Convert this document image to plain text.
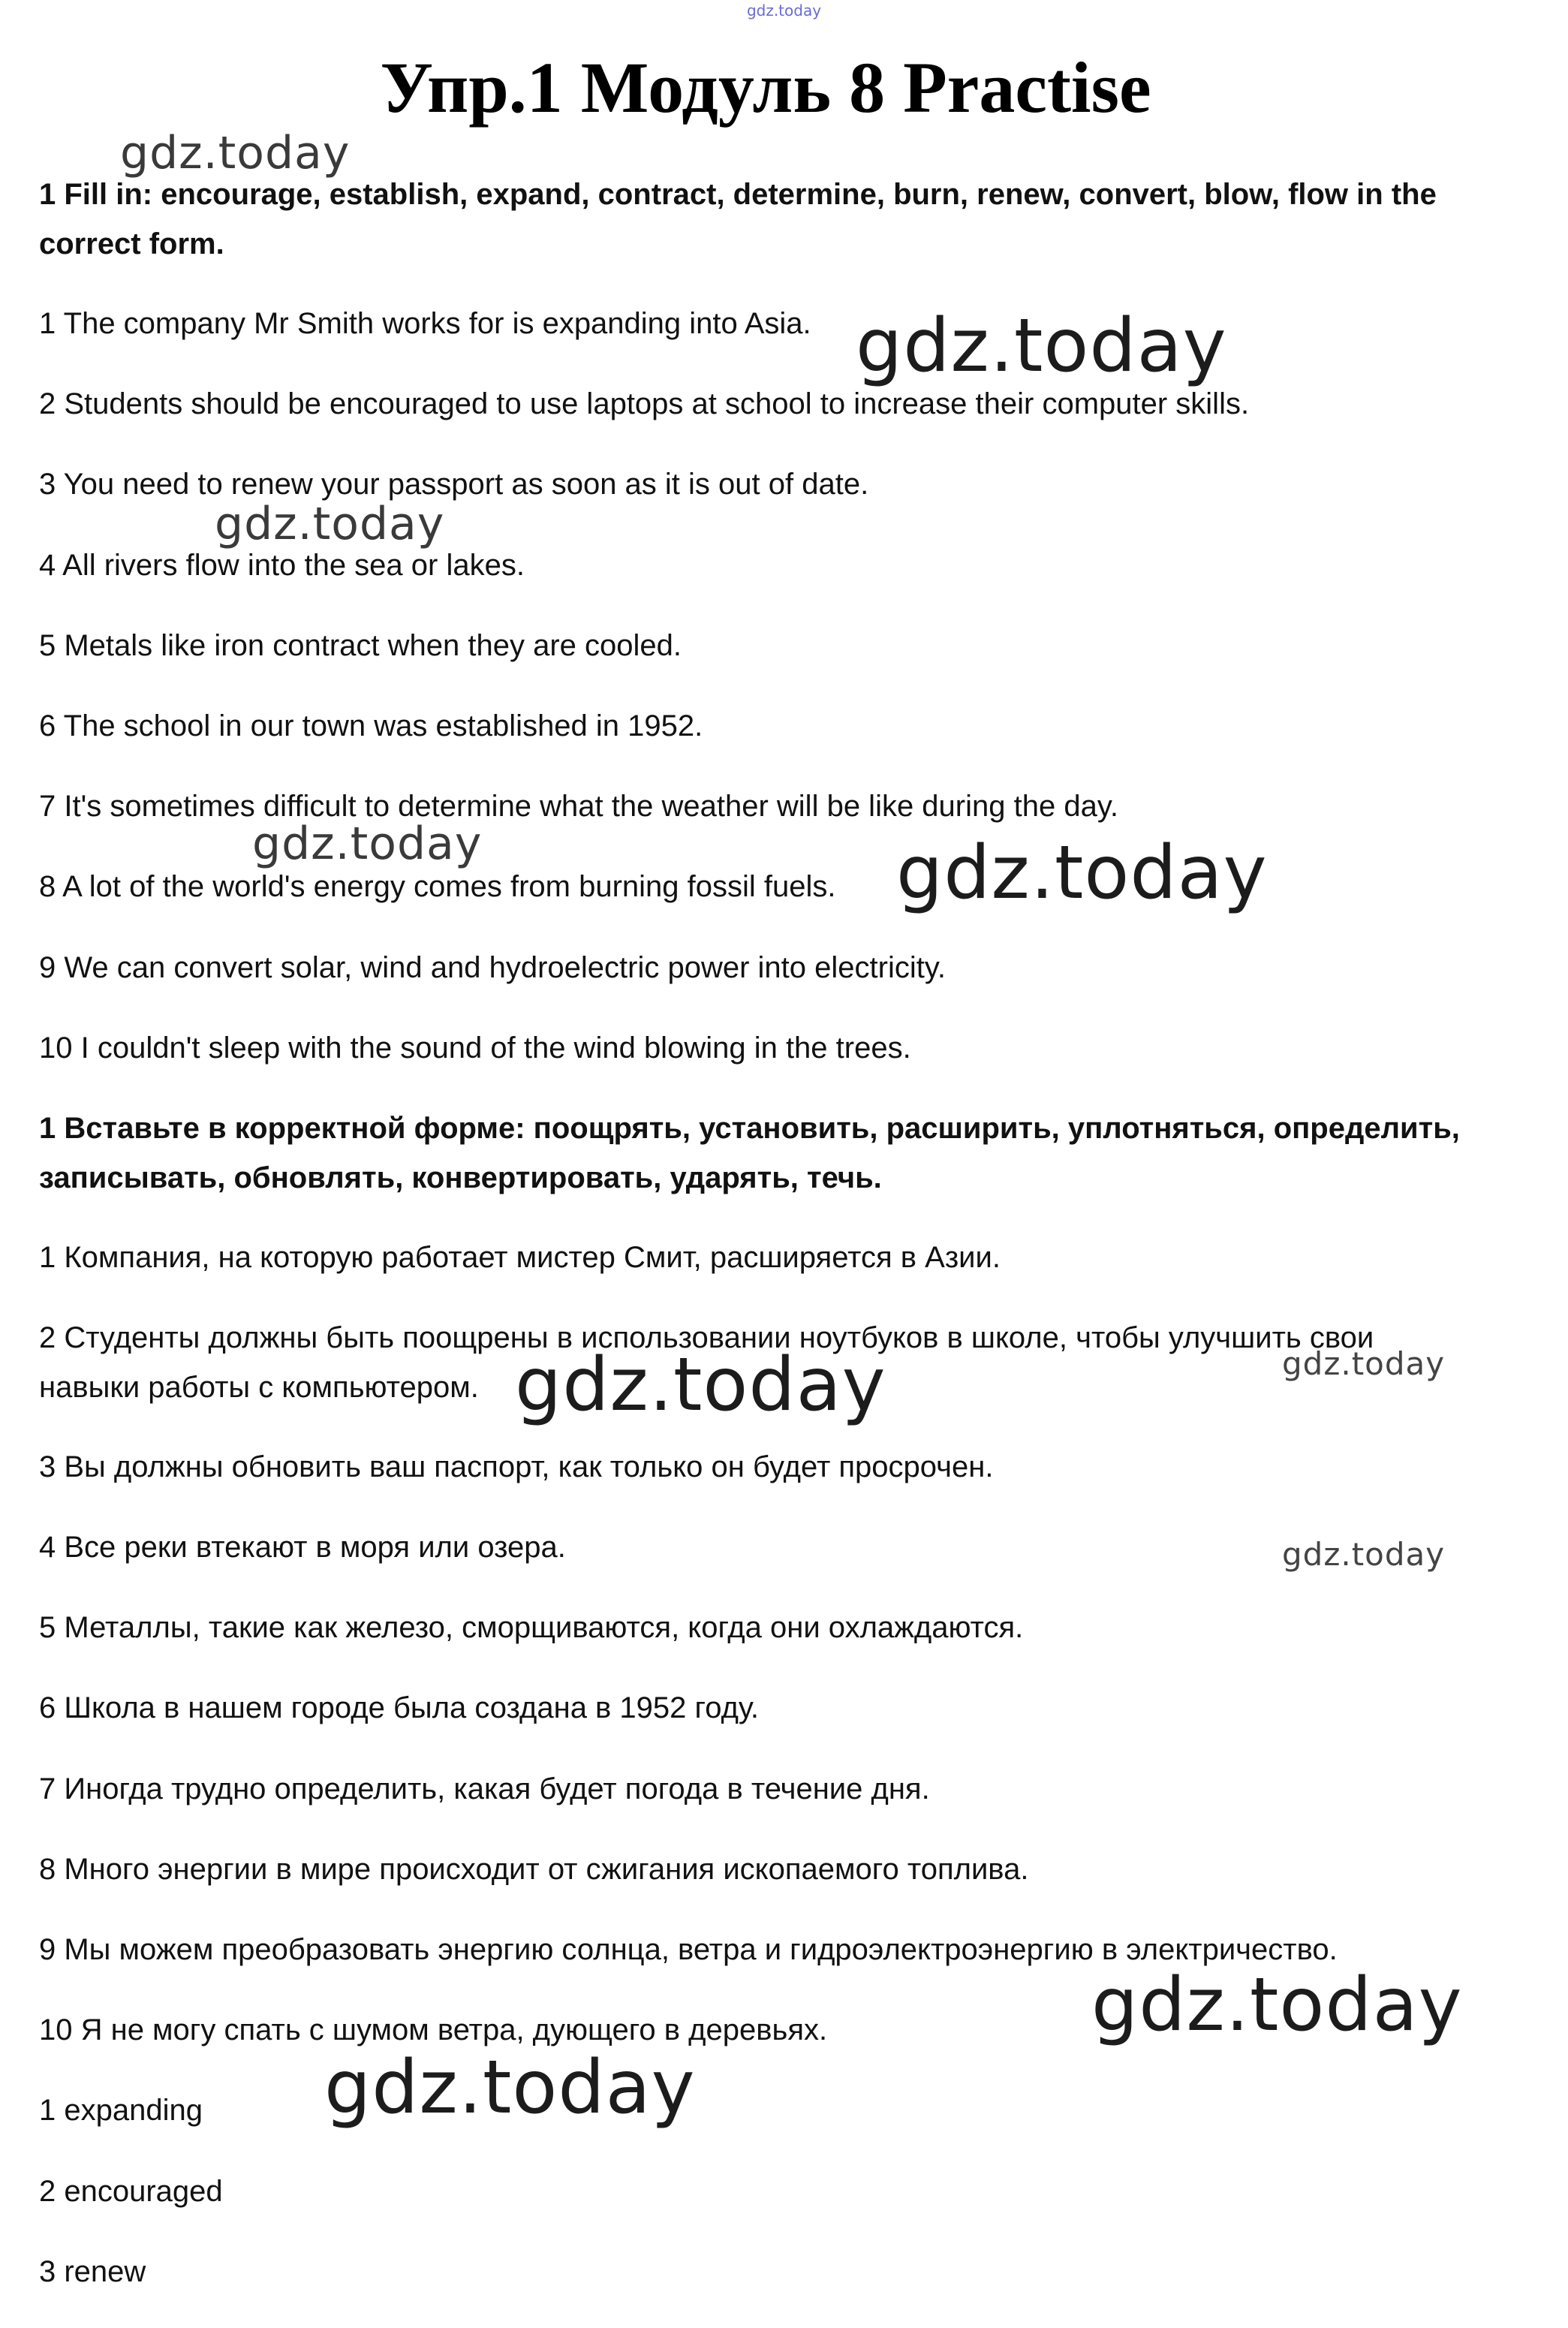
gdz.today
Упр.1 Модуль 8 Practise

1 Fill in: encourage, establish, expand, contract, determine, burn, renew, convert, blow, flow in the

correct form.

1 The company Mr Smith works for is expanding into Asia.

2 Students should be encouraged to use laptops at school to increase their computer skills.

3 You need to renew your passport as soon as it is out of date.

4 All rivers flow into the sea or lakes.

5 Metals like iron contract when they are cooled.

6 The school in our town was established in 1952.

7 It's sometimes difficult to determine what the weather will be like during the day.

8 A lot of the world's energy comes from burning fossil fuels.

9 We can convert solar, wind and hydroelectric power into electricity.

10 I couldn't sleep with the sound of the wind blowing in the trees.

1 Вставьте в корректной форме: поощрять, установить, расширить, уплотняться, определить,

записывать, обновлять, конвертировать, ударять, течь.

1 Компания, на которую работает мистер Смит, расширяется в Азии.

2 Студенты должны быть поощрены в использовании ноутбуков в школе, чтобы улучшить свои

навыки работы с компьютером.

3 Вы должны обновить ваш паспорт, как только он будет просрочен.

4 Все реки втекают в моря или озера.

5 Металлы, такие как железо, сморщиваются, когда они охлаждаются.

6 Школа в нашем городе была создана в 1952 году.

7 Иногда трудно определить, какая будет погода в течение дня.

8 Много энергии в мире происходит от сжигания ископаемого топлива.

9 Мы можем преобразовать энергию солнца, ветра и гидроэлектроэнергию в электричество.

10 Я не могу спать с шумом ветра, дующего в деревьях.

1 expanding

2 encouraged

3 renew

gdz.today
gdz.today
gdz.today
gdz.today	gdz.today
gdz.today	gdz.today
gdz.today
gdz.today
gdz.today
